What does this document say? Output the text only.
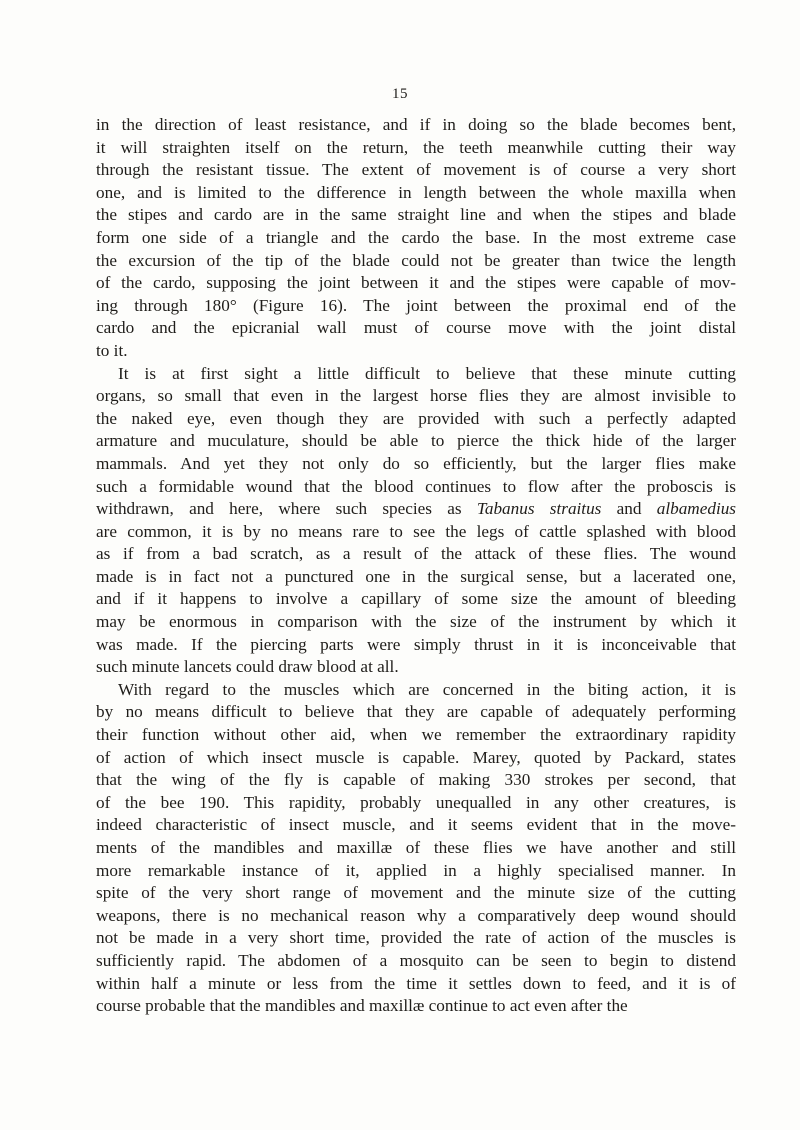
15
in the direction of least resistance, and if in doing so the blade becomes bent,
it will straighten itself on the return, the teeth meanwhile cutting their way
through the resistant tissue. The extent of movement is of course a very short
one, and is limited to the difference in length between the whole maxilla when
the stipes and cardo are in the same straight line and when the stipes and blade
form one side of a triangle and the cardo the base. In the most extreme case
the excursion of the tip of the blade could not be greater than twice the length
of the cardo, supposing the joint between it and the stipes were capable of mov-
ing through 180° (Figure 16). The joint between the proximal end of the
cardo and the epicranial wall must of course move with the joint distal
to it.
It is at first sight a little difficult to believe that these minute cutting
organs, so small that even in the largest horse flies they are almost invisible to
the naked eye, even though they are provided with such a perfectly adapted
armature and muculature, should be able to pierce the thick hide of the larger
mammals. And yet they not only do so efficiently, but the larger flies make
such a formidable wound that the blood continues to flow after the proboscis is
withdrawn, and here, where such species as Tabanus straitus and albamedius
are common, it is by no means rare to see the legs of cattle splashed with blood
as if from a bad scratch, as a result of the attack of these flies. The wound
made is in fact not a punctured one in the surgical sense, but a lacerated one,
and if it happens to involve a capillary of some size the amount of bleeding
may be enormous in comparison with the size of the instrument by which it
was made. If the piercing parts were simply thrust in it is inconceivable that
such minute lancets could draw blood at all.
With regard to the muscles which are concerned in the biting action, it is
by no means difficult to believe that they are capable of adequately performing
their function without other aid, when we remember the extraordinary rapidity
of action of which insect muscle is capable. Marey, quoted by Packard, states
that the wing of the fly is capable of making 330 strokes per second, that
of the bee 190. This rapidity, probably unequalled in any other creatures, is
indeed characteristic of insect muscle, and it seems evident that in the move-
ments of the mandibles and maxillæ of these flies we have another and still
more remarkable instance of it, applied in a highly specialised manner. In
spite of the very short range of movement and the minute size of the cutting
weapons, there is no mechanical reason why a comparatively deep wound should
not be made in a very short time, provided the rate of action of the muscles is
sufficiently rapid. The abdomen of a mosquito can be seen to begin to distend
within half a minute or less from the time it settles down to feed, and it is of
course probable that the mandibles and maxillæ continue to act even after the
